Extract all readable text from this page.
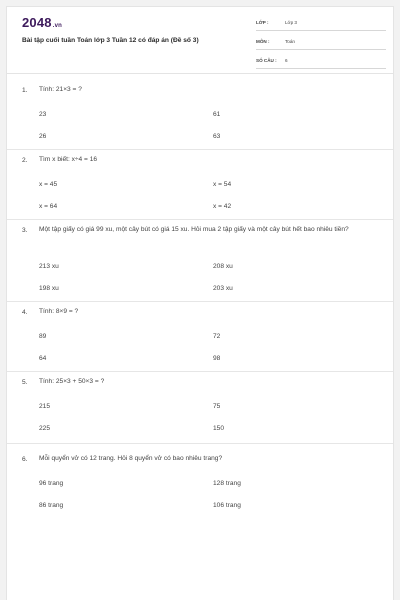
2048.vn
Bài tập cuối tuần Toán lớp 3 Tuần 12 có đáp án (Đề số 3)
LỚP :	Lớp 3
MÔN :	Toán
SỐ CÂU : 6
1. Tính: 21×3 = ?
23	61
26	63
2. Tìm x biết: x÷4 = 16
x = 45	x = 54
x = 64	x = 42
3. Một tập giấy có giá 99 xu, một cây bút có giá 15 xu. Hỏi mua 2 tập giấy và một cây bút hết bao nhiêu tiền?
213 xu	208 xu
198 xu	203 xu
4. Tính: 8×9 = ?
89	72
64	98
5. Tính: 25×3 + 50×3 = ?
215	75
225	150
6. Mỗi quyển vở có 12 trang. Hỏi 8 quyển vở có bao nhiêu trang?
96 trang	128 trang
86 trang	106 trang
